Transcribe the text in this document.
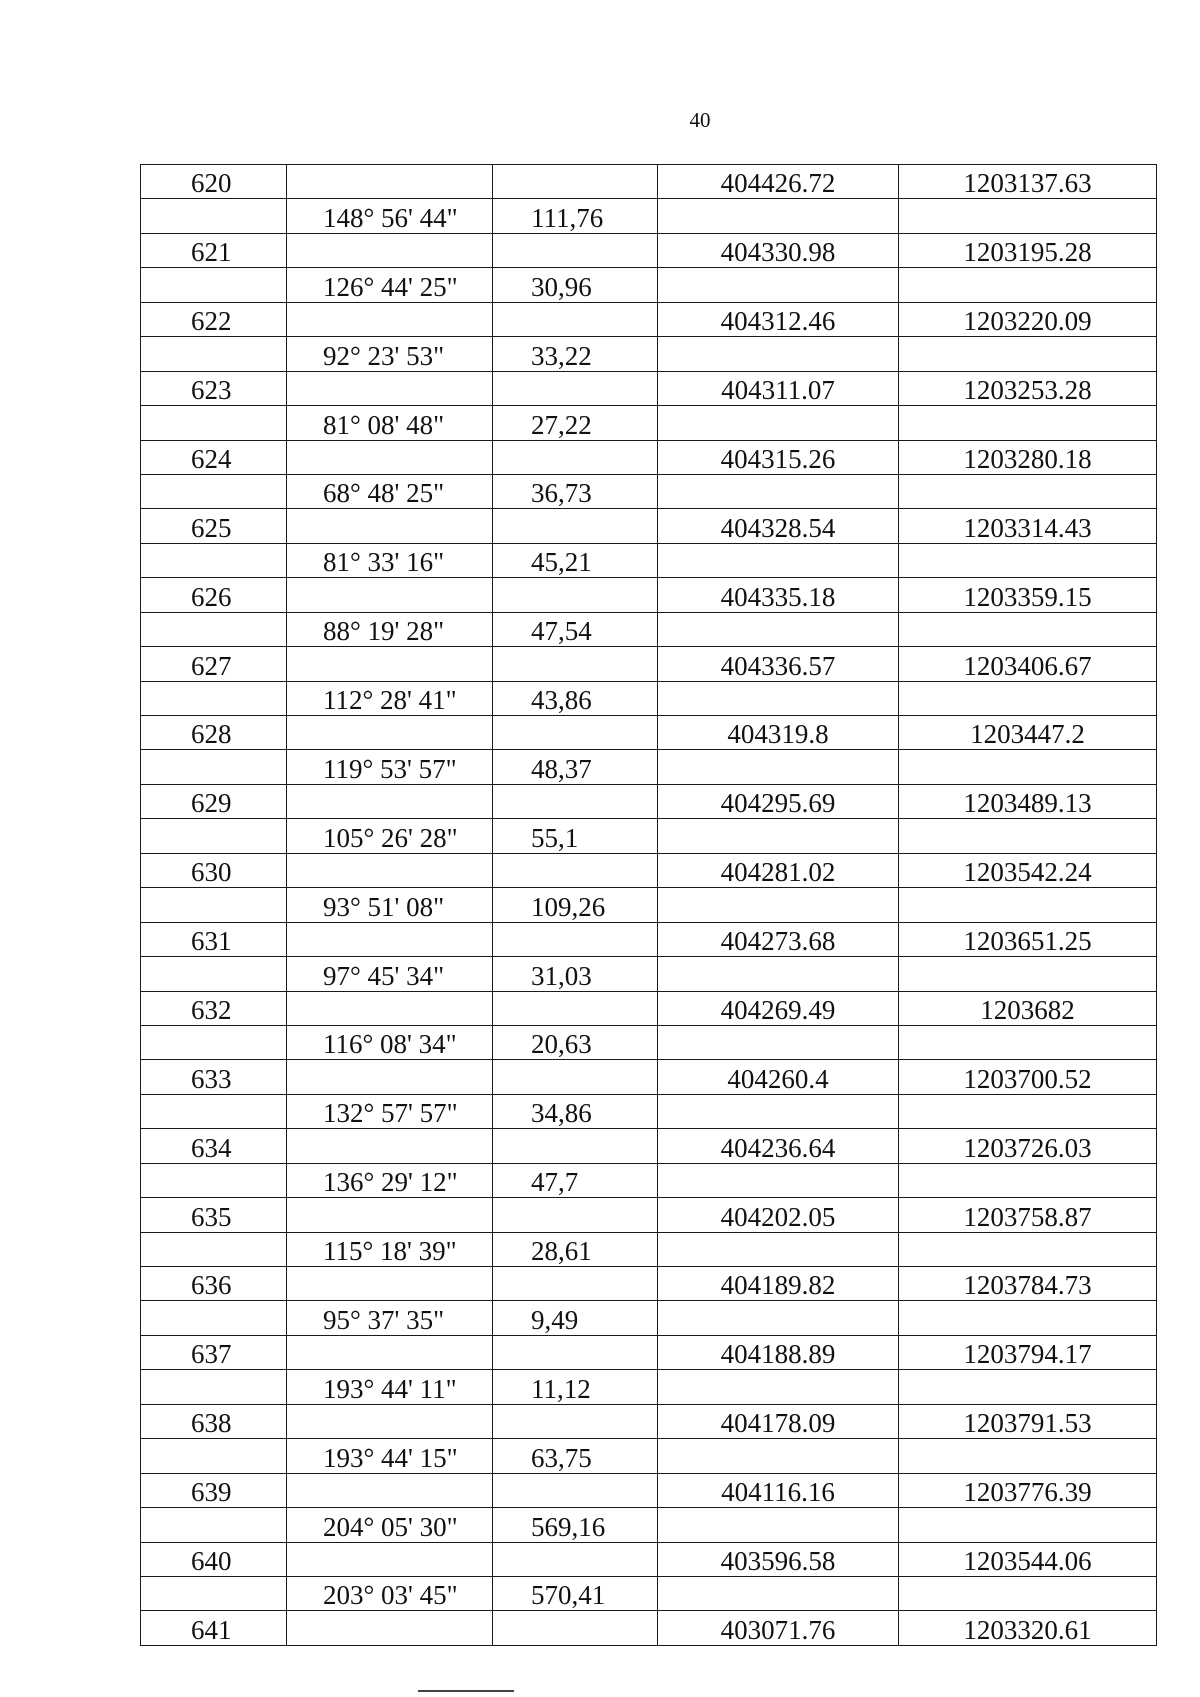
40
620			404426.72	1203137.63
	148° 56' 44"	111,76		
621			404330.98	1203195.28
	126° 44' 25"	30,96		
622			404312.46	1203220.09
	92° 23' 53"	33,22		
623			404311.07	1203253.28
	81° 08' 48"	27,22		
624			404315.26	1203280.18
	68° 48' 25"	36,73		
625			404328.54	1203314.43
	81° 33' 16"	45,21		
626			404335.18	1203359.15
	88° 19' 28"	47,54		
627			404336.57	1203406.67
	112° 28' 41"	43,86		
628			404319.8	1203447.2
	119° 53' 57"	48,37		
629			404295.69	1203489.13
	105° 26' 28"	55,1		
630			404281.02	1203542.24
	93° 51' 08"	109,26		
631			404273.68	1203651.25
	97° 45' 34"	31,03		
632			404269.49	1203682
	116° 08' 34"	20,63		
633			404260.4	1203700.52
	132° 57' 57"	34,86		
634			404236.64	1203726.03
	136° 29' 12"	47,7		
635			404202.05	1203758.87
	115° 18' 39"	28,61		
636			404189.82	1203784.73
	95° 37' 35"	9,49		
637			404188.89	1203794.17
	193° 44' 11"	11,12		
638			404178.09	1203791.53
	193° 44' 15"	63,75		
639			404116.16	1203776.39
	204° 05' 30"	569,16		
640			403596.58	1203544.06
	203° 03' 45"	570,41		
641			403071.76	1203320.61
